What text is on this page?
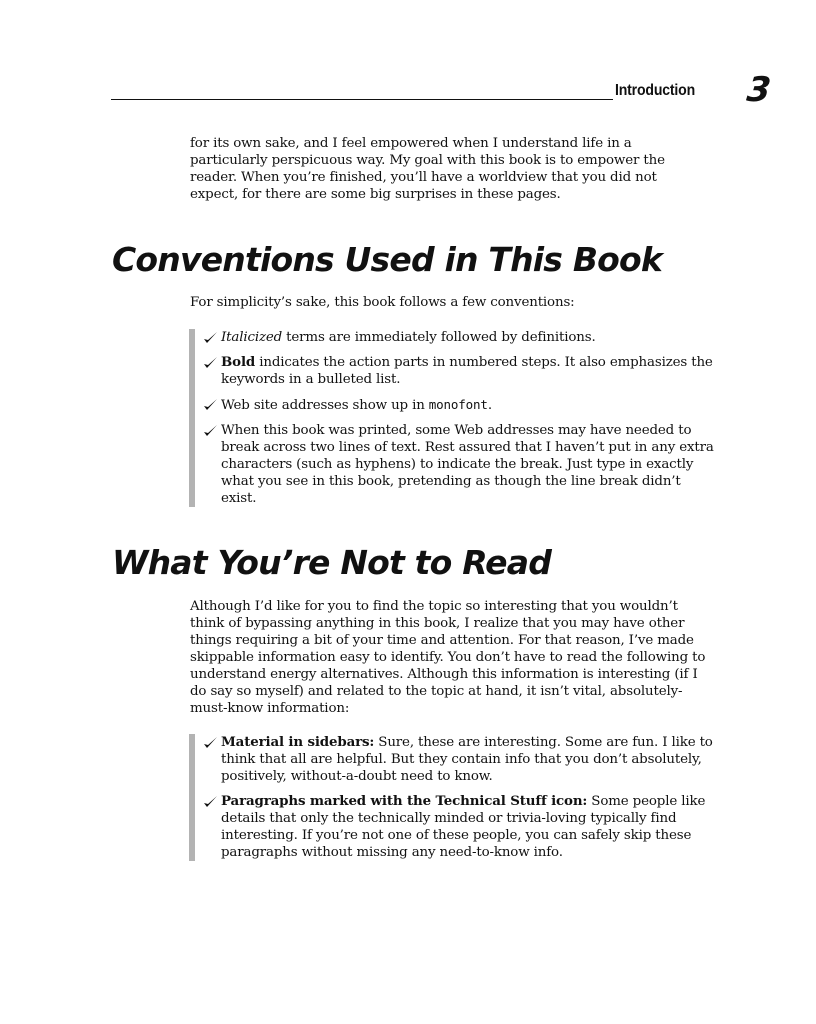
Introduction 3

for its own sake, and I feel empowered when I understand life in a particularly perspicuous way. My goal with this book is to empower the reader. When you’re finished, you’ll have a worldview that you did not expect, for there are some big surprises in these pages.

Conventions Used in This Book

For simplicity’s sake, this book follows a few conventions:

Italicized terms are immediately followed by definitions.
Bold indicates the action parts in numbered steps. It also emphasizes the keywords in a bulleted list.
Web site addresses show up in monofont.
When this book was printed, some Web addresses may have needed to break across two lines of text. Rest assured that I haven’t put in any extra characters (such as hyphens) to indicate the break. Just type in exactly what you see in this book, pretending as though the line break didn’t exist.
What You’re Not to Read

Although I’d like for you to find the topic so interesting that you wouldn’t think of bypassing anything in this book, I realize that you may have other things requiring a bit of your time and attention. For that reason, I’ve made skippable information easy to identify. You don’t have to read the following to understand energy alternatives. Although this information is interesting (if I do say so myself) and related to the topic at hand, it isn’t vital, absolutely-must-know information:

Material in sidebars: Sure, these are interesting. Some are fun. I like to think that all are helpful. But they contain info that you don’t absolutely, positively, without-a-doubt need to know.
Paragraphs marked with the Technical Stuff icon: Some people like details that only the technically minded or trivia-loving typically find interesting. If you’re not one of these people, you can safely skip these paragraphs without missing any need-to-know info.
